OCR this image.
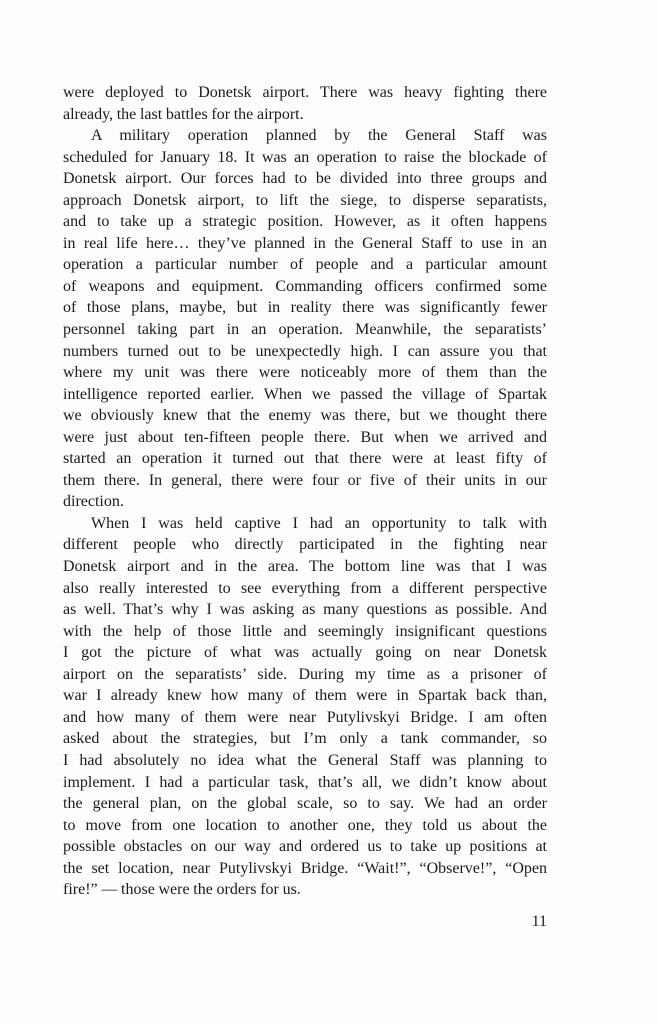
were deployed to Donetsk airport. There was heavy fighting there
already, the last battles for the airport.
A military operation planned by the General Staff was
scheduled for January 18. It was an operation to raise the blockade of
Donetsk airport. Our forces had to be divided into three groups and
approach Donetsk airport, to lift the siege, to disperse separatists,
and to take up a strategic position. However, as it often happens
in real life here… they’ve planned in the General Staff to use in an
operation a particular number of people and a particular amount
of weapons and equipment. Commanding officers confirmed some
of those plans, maybe, but in reality there was significantly fewer
personnel taking part in an operation. Meanwhile, the separatists’
numbers turned out to be unexpectedly high. I can assure you that
where my unit was there were noticeably more of them than the
intelligence reported earlier. When we passed the village of Spartak
we obviously knew that the enemy was there, but we thought there
were just about ten-fifteen people there. But when we arrived and
started an operation it turned out that there were at least fifty of
them there. In general, there were four or five of their units in our
direction.
When I was held captive I had an opportunity to talk with
different people who directly participated in the fighting near
Donetsk airport and in the area. The bottom line was that I was
also really interested to see everything from a different perspective
as well. That’s why I was asking as many questions as possible. And
with the help of those little and seemingly insignificant questions
I got the picture of what was actually going on near Donetsk
airport on the separatists’ side. During my time as a prisoner of
war I already knew how many of them were in Spartak back than,
and how many of them were near Putylivskyi Bridge. I am often
asked about the strategies, but I’m only a tank commander, so
I had absolutely no idea what the General Staff was planning to
implement. I had a particular task, that’s all, we didn’t know about
the general plan, on the global scale, so to say. We had an order
to move from one location to another one, they told us about the
possible obstacles on our way and ordered us to take up positions at
the set location, near Putylivskyi Bridge. “Wait!”, “Observe!”, “Open
fire!” — those were the orders for us.
11
